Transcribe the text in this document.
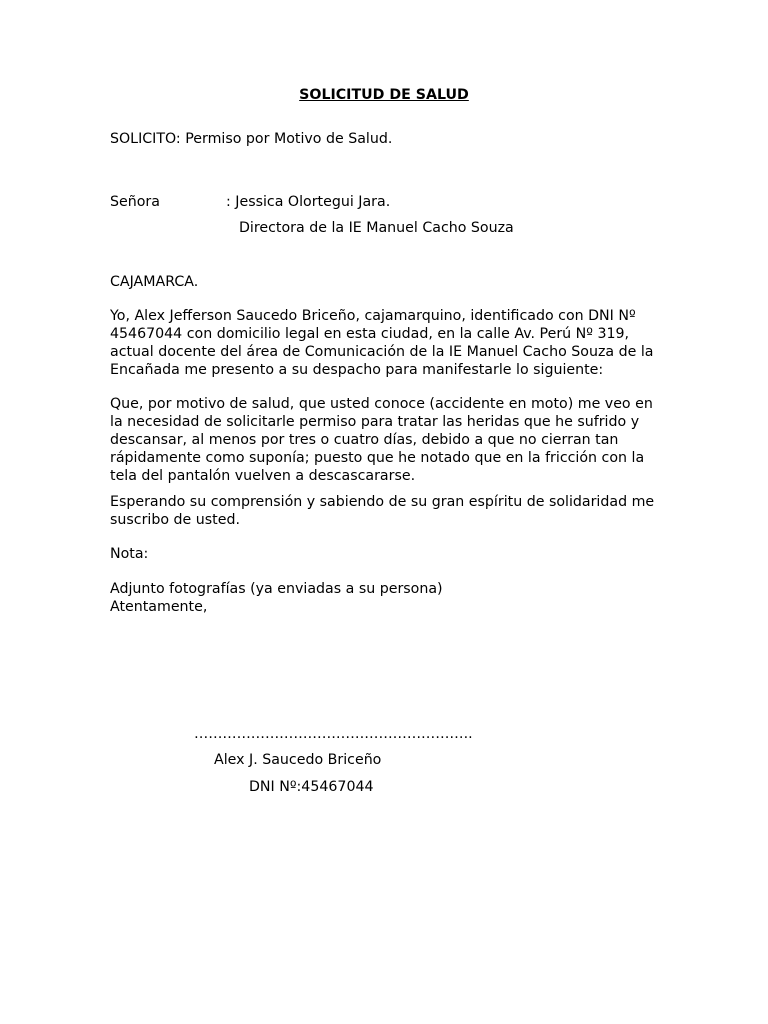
SOLICITUD DE SALUD
SOLICITO: Permiso por Motivo de Salud.
Señora	: Jessica Olortegui Jara.
Directora de la IE Manuel Cacho Souza
CAJAMARCA.
Yo, Alex Jefferson Saucedo Briceño, cajamarquino, identificado con DNI Nº
45467044 con domicilio legal en esta ciudad, en la calle Av. Perú Nº 319,
actual docente del área de Comunicación de la IE Manuel Cacho Souza de la
Encañada me presento a su despacho para manifestarle lo siguiente:
Que, por motivo de salud, que usted conoce (accidente en moto) me veo en
la necesidad de solicitarle permiso para tratar las heridas que he sufrido y
descansar, al menos por tres o cuatro días, debido a que no cierran tan
rápidamente como suponía; puesto que he notado que en la fricción con la
tela del pantalón vuelven a descascararse.
Esperando su comprensión y sabiendo de su gran espíritu de solidaridad me
suscribo de usted.
Nota:
Adjunto fotografías (ya enviadas a su persona)
Atentamente,
…………………………………………………..
Alex J. Saucedo Briceño
DNI Nº:45467044
